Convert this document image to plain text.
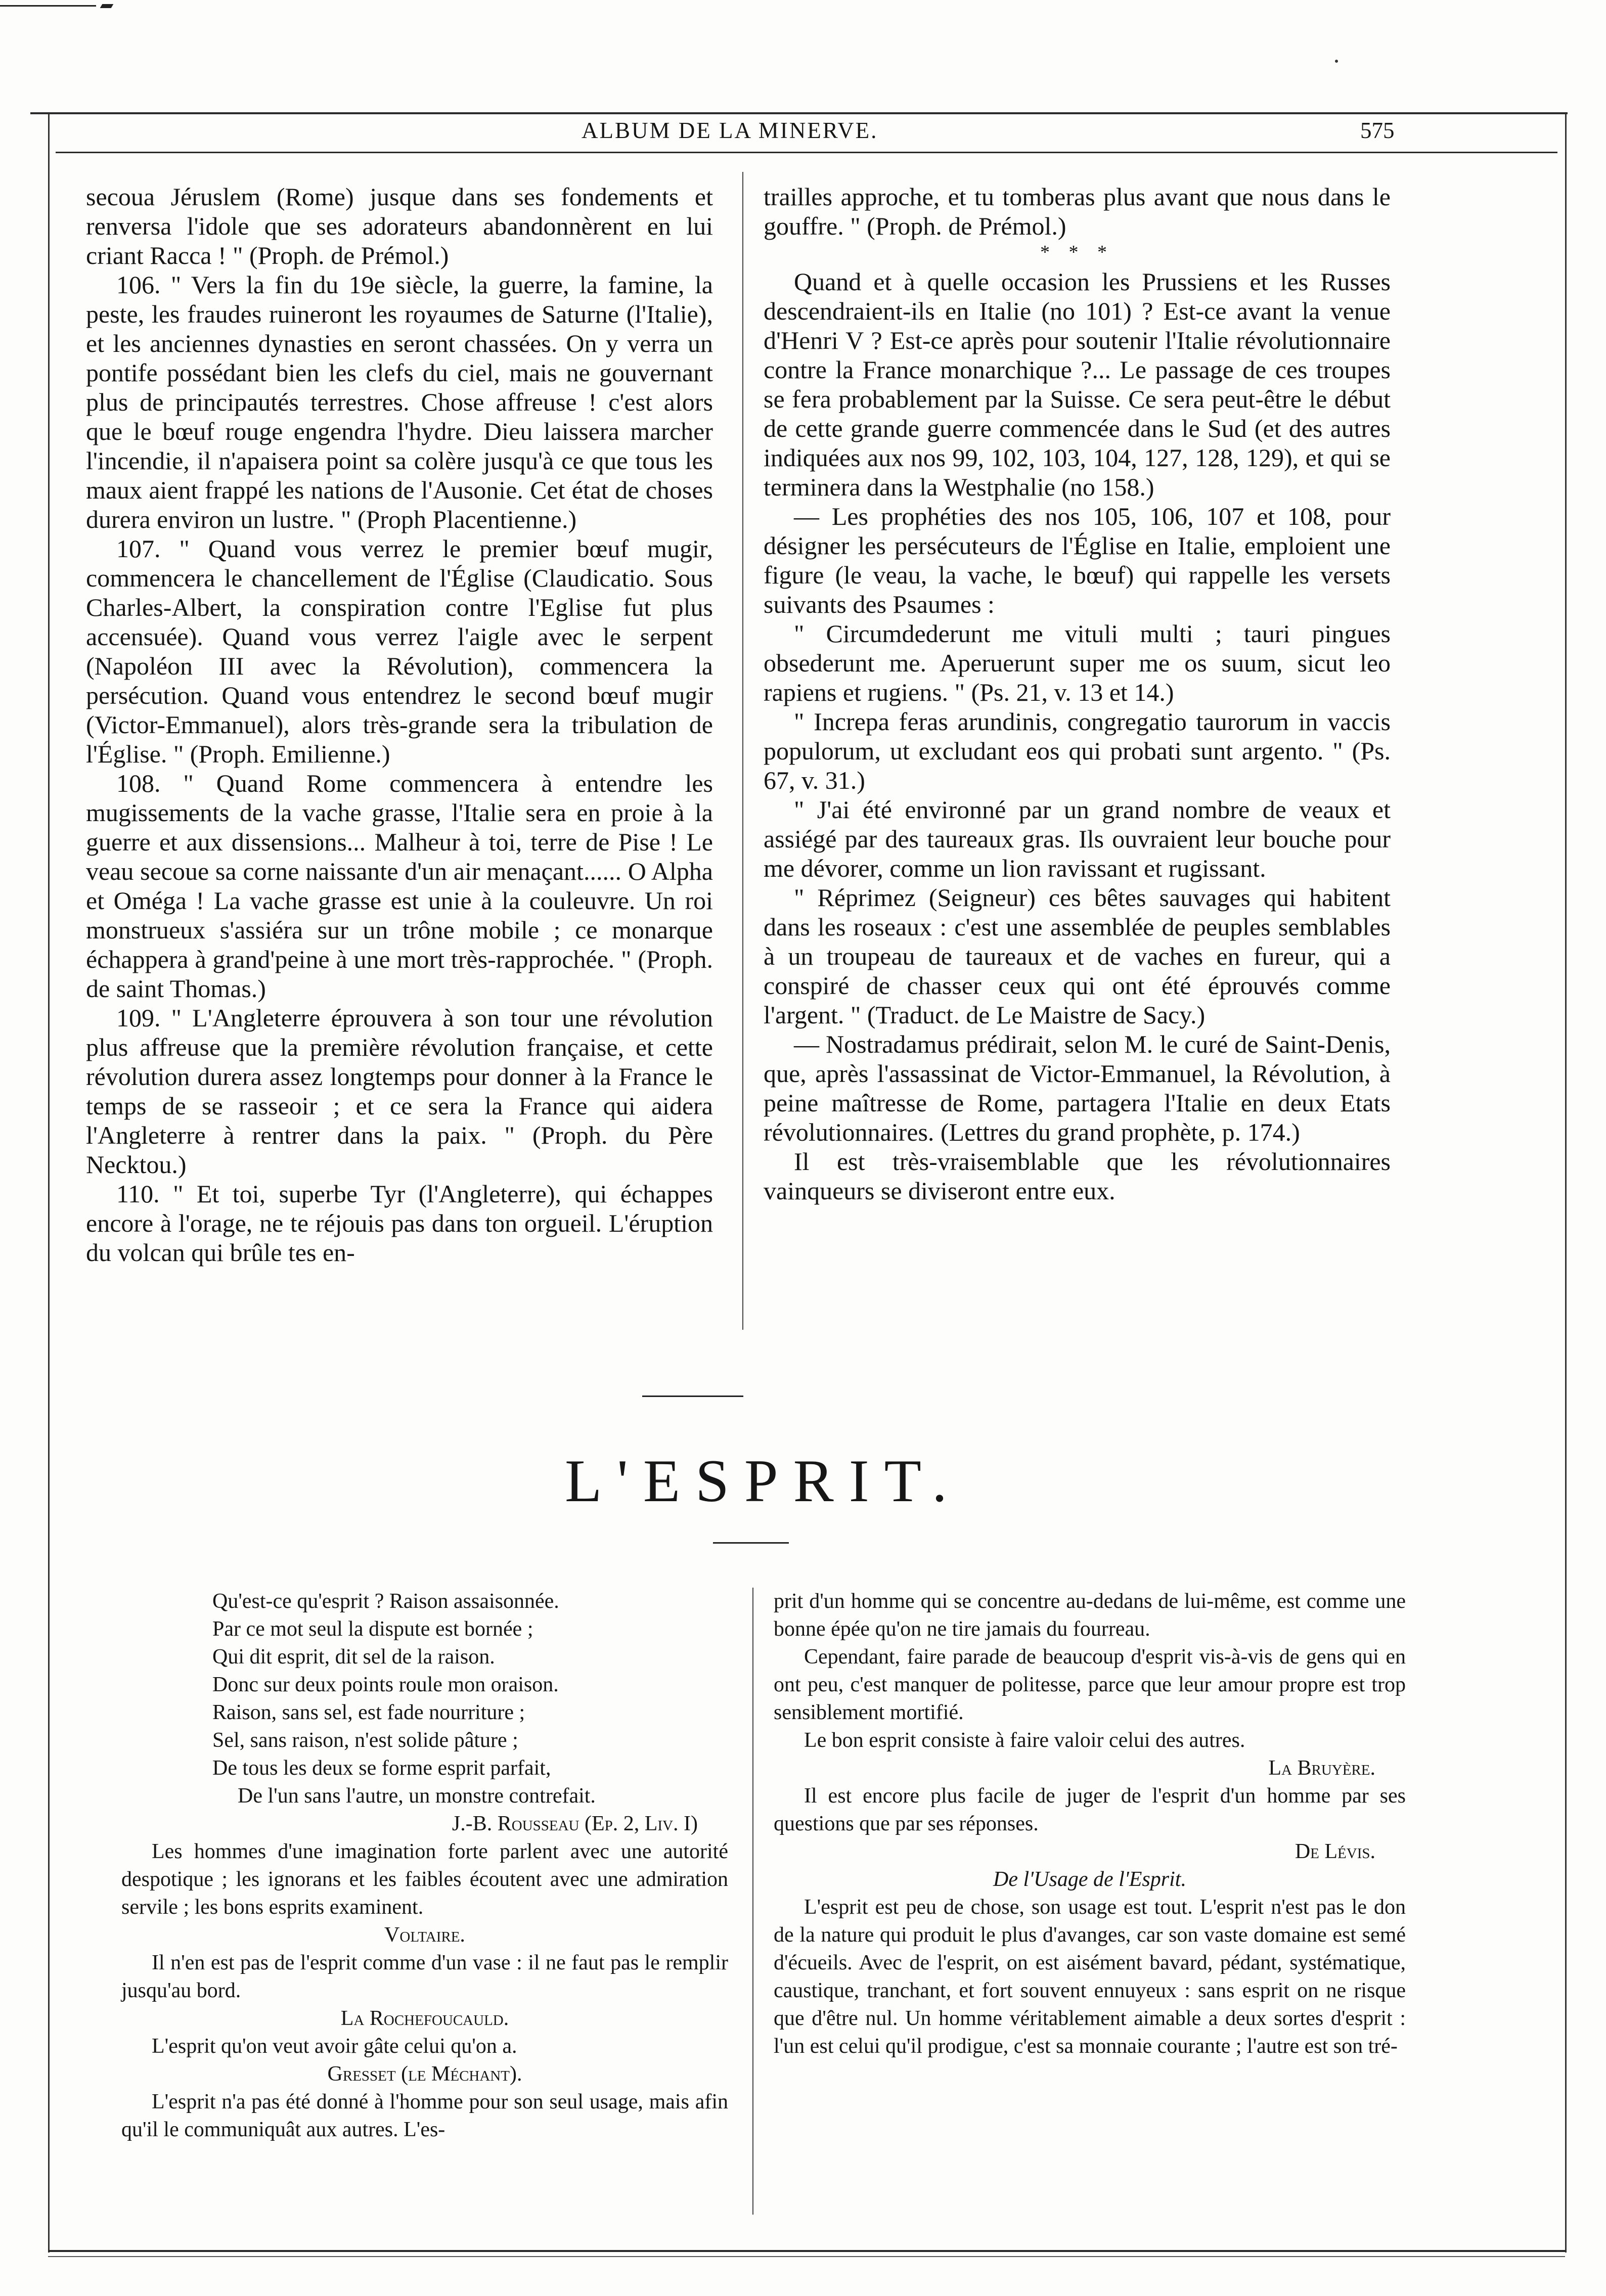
ALBUM DE LA MINERVE.	575

secoua Jérusle​m (Rome) jusque dans ses fondements et renversa l'idole que ses adorateurs abandonnèrent en lui criant Racca ! " (Proph. de Prémol.)

106. " Vers la fin du 19e siècle, la guerre, la famine, la peste, les fraudes ruineront les royaumes de Saturne (l'Italie), et les anciennes dynasties en seront chassées. On y verra un pontife possédant bien les clefs du ciel, mais ne gouvernant plus de principautés terrestres. Chose affreuse ! c'est alors que le bœuf rouge engendra l'hydre. Dieu laissera marcher l'incendie, il n'apaisera point sa colère jusqu'à ce que tous les maux aient frappé les nations de l'Ausonie. Cet état de choses durera environ un lustre. " (Proph Placentienne.)

107. " Quand vous verrez le premier bœuf mugir, commencera le chancellement de l'Église (Claudicatio. Sous Charles-Albert, la conspiration contre l'Eglise fut plus accensuée). Quand vous verrez l'aigle avec le serpent (Napoléon III avec la Révolution), commencera la persécution. Quand vous entendrez le second bœuf mugir (Victor-Emmanuel), alors très-grande sera la tribulation de l'Église. " (Proph. Emilienne.)

108. " Quand Rome commencera à entendre les mugissements de la vache grasse, l'Italie sera en proie à la guerre et aux dissensions... Malheur à toi, terre de Pise ! Le veau secoue sa corne naissante d'un air menaçant...... O Alpha et Oméga ! La vache grasse est unie à la couleuvre. Un roi monstrueux s'assiéra sur un trône mobile ; ce monarque échappera à grand'peine à une mort très-rapprochée. " (Proph. de saint Thomas.)

109. " L'Angleterre éprouvera à son tour une révolution plus affreuse que la première révolution française, et cette révolution durera assez longtemps pour donner à la France le temps de se rasseoir ; et ce sera la France qui aidera l'Angleterre à rentrer dans la paix. " (Proph. du Père Necktou.)

110. " Et toi, superbe Tyr (l'Angleterre), qui échappes encore à l'orage, ne te réjouis pas dans ton orgueil. L'éruption du volcan qui brûle tes en-

trailles approche, et tu tomberas plus avant que nous dans le gouffre. " (Proph. de Prémol.)

* * *

Quand et à quelle occasion les Prussiens et les Russes descendraient-ils en Italie (no 101) ? Est-ce avant la venue d'Henri V ? Est-ce après pour soutenir l'Italie révolutionnaire contre la France monarchique ?... Le passage de ces troupes se fera probablement par la Suisse. Ce sera peut-être le début de cette grande guerre commencée dans le Sud (et des autres indiquées aux nos 99, 102, 103, 104, 127, 128, 129), et qui se terminera dans la Westphalie (no 158.)

— Les prophéties des nos 105, 106, 107 et 108, pour désigner les persécuteurs de l'Église en Italie, emploient une figure (le veau, la vache, le bœuf) qui rappelle les versets suivants des Psaumes :

" Circumdederunt me vituli multi ; tauri pingues obsederunt me. Aperuerunt super me os suum, sicut leo rapiens et rugiens. " (Ps. 21, v. 13 et 14.)

" Increpa feras arundinis, congregatio taurorum in vaccis populorum, ut excludant eos qui probati sunt argento. " (Ps. 67, v. 31.)

" J'ai été environné par un grand nombre de veaux et assiégé par des taureaux gras. Ils ouvraient leur bouche pour me dévorer, comme un lion ravissant et rugissant.

" Réprimez (Seigneur) ces bêtes sauvages qui habitent dans les roseaux : c'est une assemblée de peuples semblables à un troupeau de taureaux et de vaches en fureur, qui a conspiré de chasser ceux qui ont été éprouvés comme l'argent. " (Traduct. de Le Maistre de Sacy.)

— Nostradamus prédirait, selon M. le curé de Saint-Denis, que, après l'assassinat de Victor-Emmanuel, la Révolution, à peine maîtresse de Rome, partagera l'Italie en deux Etats révolutionnaires. (Lettres du grand prophète, p. 174.)

Il est très-vraisemblable que les révolutionnaires vainqueurs se diviseront entre eux.

L'ESPRIT.

Qu'est-ce qu'esprit ? Raison assaisonnée.

Par ce mot seul la dispute est bornée ;

Qui dit esprit, dit sel de la raison.

Donc sur deux points roule mon oraison.

Raison, sans sel, est fade nourriture ;

Sel, sans raison, n'est solide pâture ;

De tous les deux se forme esprit parfait,

De l'un sans l'autre, un monstre contrefait.

J.-B. Rousseau (Ep. 2, Liv. I)

Les hommes d'une imagination forte parlent avec une autorité despotique ; les ignorans et les faibles écoutent avec une admiration servile ; les bons esprits examinent.

Voltaire.

Il n'en est pas de l'esprit comme d'un vase : il ne faut pas le remplir jusqu'au bord.

La Rochefoucauld.

L'esprit qu'on veut avoir gâte celui qu'on a.

Gresset (le Méchant).

L'esprit n'a pas été donné à l'homme pour son seul usage, mais afin qu'il le communiquât aux autres. L'es-

prit d'un homme qui se concentre au-dedans de lui-même, est comme une bonne épée qu'on ne tire jamais du fourreau.

Cependant, faire parade de beaucoup d'esprit vis-à-vis de gens qui en ont peu, c'est manquer de politesse, parce que leur amour propre est trop sensiblement mortifié.

Le bon esprit consiste à faire valoir celui des autres.

La Bruyère.

Il est encore plus facile de juger de l'esprit d'un homme par ses questions que par ses réponses.

De Lévis.

De l'Usage de l'Esprit.

L'esprit est peu de chose, son usage est tout. L'esprit n'est pas le don de la nature qui produit le plus d'avanges, car son vaste domaine est semé d'écueils. Avec de l'esprit, on est aisément bavard, pédant, systématique, caustique, tranchant, et fort souvent ennuyeux : sans esprit on ne risque que d'être nul. Un homme véritablement aimable a deux sortes d'esprit : l'un est celui qu'il prodigue, c'est sa monnaie courante ; l'autre est son tré-
